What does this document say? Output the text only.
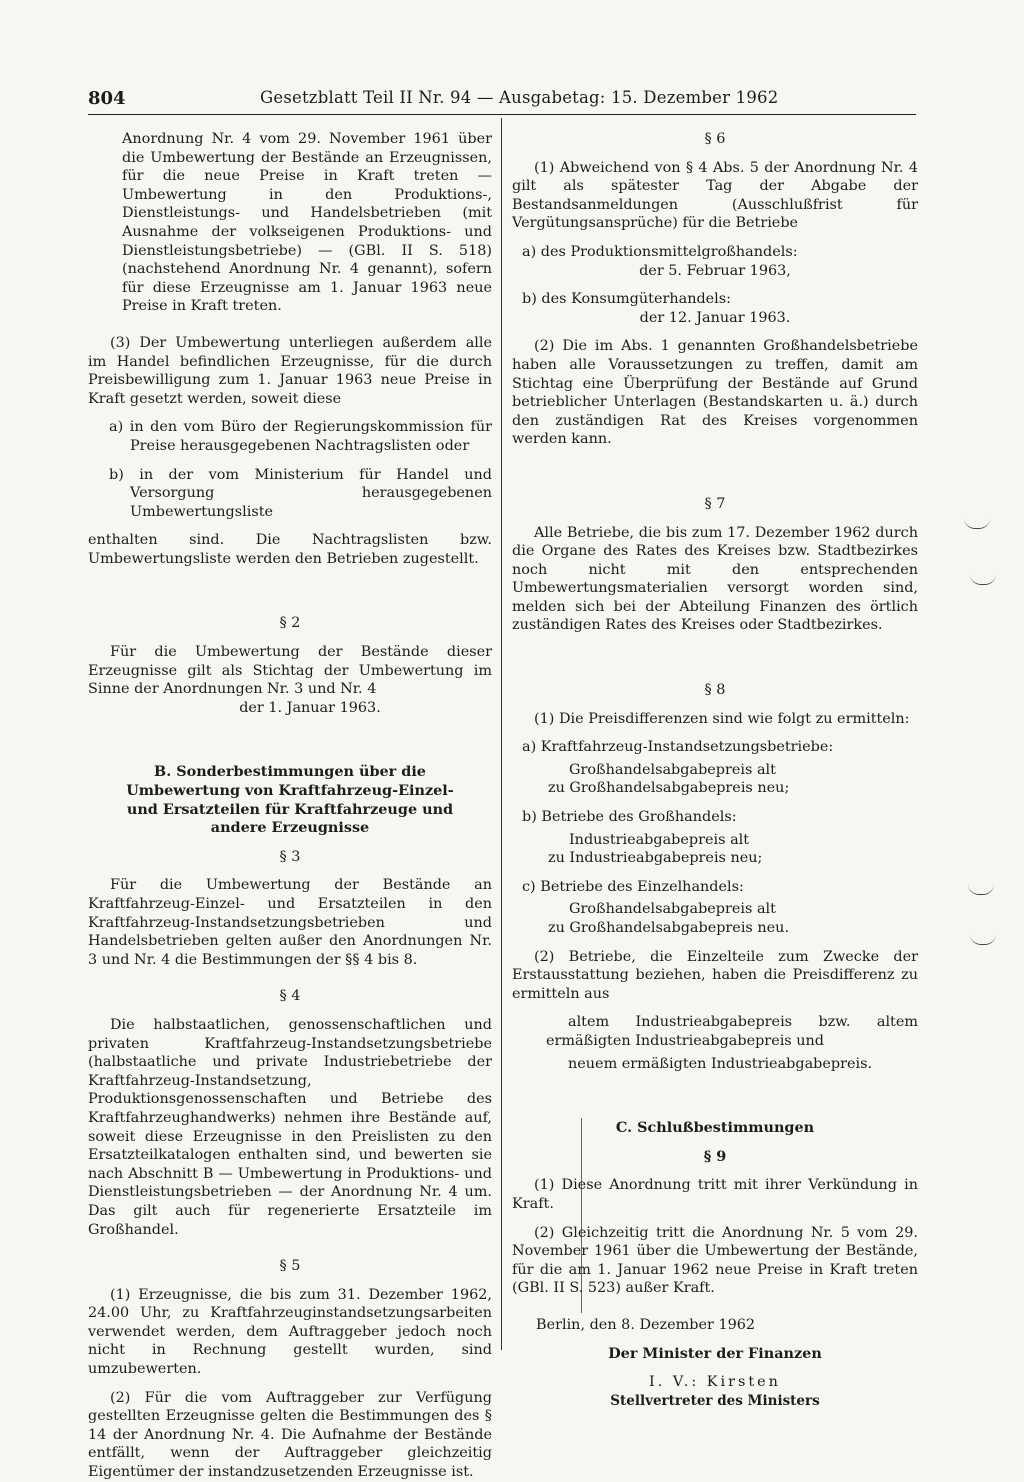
804	Gesetzblatt Teil II Nr. 94 — Ausgabetag: 15. Dezember 1962

Anordnung Nr. 4 vom 29. November 1961 über die Umbewertung der Bestände an Erzeugnissen, für die neue Preise in Kraft treten — Umbewertung in den Produktions-, Dienstleistungs- und Handelsbetrieben (mit Ausnahme der volkseigenen Produktions- und Dienstleistungsbetriebe) — (GBl. II S. 518) (nachstehend Anordnung Nr. 4 genannt), sofern für diese Erzeugnisse am 1. Januar 1963 neue Preise in Kraft treten.

(3) Der Umbewertung unterliegen außerdem alle im Handel befindlichen Erzeugnisse, für die durch Preisbewilligung zum 1. Januar 1963 neue Preise in Kraft gesetzt werden, soweit diese

a) in den vom Büro der Regierungskommission für Preise herausgegebenen Nachtragslisten oder

b) in der vom Ministerium für Handel und Versorgung herausgegebenen Umbewertungsliste

enthalten sind. Die Nachtragslisten bzw. Umbewertungsliste werden den Betrieben zugestellt.

§ 2

Für die Umbewertung der Bestände dieser Erzeugnisse gilt als Stichtag der Umbewertung im Sinne der Anordnungen Nr. 3 und Nr. 4

der 1. Januar 1963.

B. Sonderbestimmungen über die Umbewertung von Kraftfahrzeug-Einzel- und Ersatzteilen für Kraftfahrzeuge und andere Erzeugnisse

§ 3

Für die Umbewertung der Bestände an Kraftfahrzeug-Einzel- und Ersatzteilen in den Kraftfahrzeug-Instandsetzungsbetrieben und Handelsbetrieben gelten außer den Anordnungen Nr. 3 und Nr. 4 die Bestimmungen der §§ 4 bis 8.

§ 4

Die halbstaatlichen, genossenschaftlichen und privaten Kraftfahrzeug-Instandsetzungsbetriebe (halbstaatliche und private Industriebetriebe der Kraftfahrzeug-Instandsetzung, Produktionsgenossenschaften und Betriebe des Kraftfahrzeughandwerks) nehmen ihre Bestände auf, soweit diese Erzeugnisse in den Preislisten zu den Ersatzteilkatalogen enthalten sind, und bewerten sie nach Abschnitt B — Umbewertung in Produktions- und Dienstleistungsbetrieben — der Anordnung Nr. 4 um. Das gilt auch für regenerierte Ersatzteile im Großhandel.

§ 5

(1) Erzeugnisse, die bis zum 31. Dezember 1962, 24.00 Uhr, zu Kraftfahrzeuginstandsetzungsarbeiten verwendet werden, dem Auftraggeber jedoch noch nicht in Rechnung gestellt wurden, sind umzubewerten.

(2) Für die vom Auftraggeber zur Verfügung gestellten Erzeugnisse gelten die Bestimmungen des § 14 der Anordnung Nr. 4. Die Aufnahme der Bestände entfällt, wenn der Auftraggeber gleichzeitig Eigentümer der instandzusetzenden Erzeugnisse ist.

§ 6

(1) Abweichend von § 4 Abs. 5 der Anordnung Nr. 4 gilt als spätester Tag der Abgabe der Bestandsanmeldungen (Ausschlußfrist für Vergütungsansprüche) für die Betriebe

a) des Produktionsmittelgroßhandels:

der 5. Februar 1963,

b) des Konsumgüterhandels:

der 12. Januar 1963.

(2) Die im Abs. 1 genannten Großhandelsbetriebe haben alle Voraussetzungen zu treffen, damit am Stichtag eine Überprüfung der Bestände auf Grund betrieblicher Unterlagen (Bestandskarten u. ä.) durch den zuständigen Rat des Kreises vorgenommen werden kann.

§ 7

Alle Betriebe, die bis zum 17. Dezember 1962 durch die Organe des Rates des Kreises bzw. Stadtbezirkes noch nicht mit den entsprechenden Umbewertungsmaterialien versorgt worden sind, melden sich bei der Abteilung Finanzen des örtlich zuständigen Rates des Kreises oder Stadtbezirkes.

§ 8

(1) Die Preisdifferenzen sind wie folgt zu ermitteln:

a) Kraftfahrzeug-Instandsetzungsbetriebe:

Großhandelsabgabepreis alt

zu Großhandelsabgabepreis neu;

b) Betriebe des Großhandels:

Industrieabgabepreis alt

zu Industrieabgabepreis neu;

c) Betriebe des Einzelhandels:

Großhandelsabgabepreis alt

zu Großhandelsabgabepreis neu.

(2) Betriebe, die Einzelteile zum Zwecke der Erstausstattung beziehen, haben die Preisdifferenz zu ermitteln aus

altem Industrieabgabepreis bzw. altem ermäßigten Industrieabgabepreis und

neuem ermäßigten Industrieabgabepreis.

C. Schlußbestimmungen

§ 9

(1) Diese Anordnung tritt mit ihrer Verkündung in Kraft.

(2) Gleichzeitig tritt die Anordnung Nr. 5 vom 29. November 1961 über die Umbewertung der Bestände, für die am 1. Januar 1962 neue Preise in Kraft treten (GBl. II S. 523) außer Kraft.

Berlin, den 8. Dezember 1962

Der Minister der Finanzen

I. V.: Kirsten

Stellvertreter des Ministers
